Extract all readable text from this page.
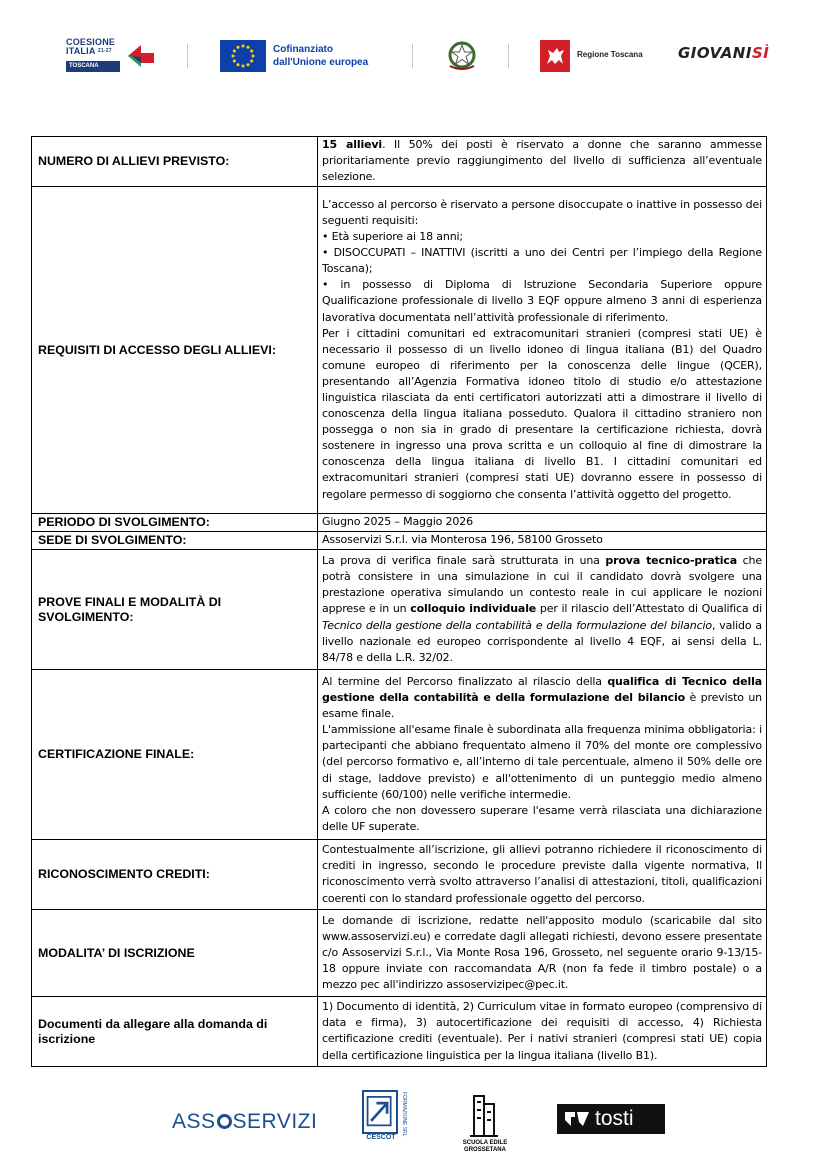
COESIONE
ITALIA $^{21-27}$
TOSCANA
Cofinanziato
dall'Unione europea
Regione Toscana GIOVANISÌ
NUMERO DI ALLIEVI PREVISTO:	15 allievi. Il 50% dei posti è riservato a donne che saranno ammesse prioritariamente previo raggiungimento del livello di sufficienza all’eventuale selezione.

REQUISITI DI ACCESSO DEGLI ALLIEVI:	L’accesso al percorso è riservato a persone disoccupate o inattive in possesso dei seguenti requisiti:

• Età superiore ai 18 anni;

• DISOCCUPATI – INATTIVI (iscritti a uno dei Centri per l’impiego della Regione Toscana);

• in possesso di Diploma di Istruzione Secondaria Superiore oppure Qualificazione professionale di livello 3 EQF oppure almeno 3 anni di esperienza lavorativa documentata nell’attività professionale di riferimento.

Per i cittadini comunitari ed extracomunitari stranieri (compresi stati UE) è necessario il possesso di un livello idoneo di lingua italiana (B1) del Quadro comune europeo di riferimento per la conoscenza delle lingue (QCER), presentando all’Agenzia Formativa idoneo titolo di studio e/o attestazione linguistica rilasciata da enti certificatori autorizzati atti a dimostrare il livello di conoscenza della lingua italiana posseduto. Qualora il cittadino straniero non possegga o non sia in grado di presentare la certificazione richiesta, dovrà sostenere in ingresso una prova scritta e un colloquio al fine di dimostrare la conoscenza della lingua italiana di livello B1. I cittadini comunitari ed extracomunitari stranieri (compresi stati UE) dovranno essere in possesso di regolare permesso di soggiorno che consenta l’attività oggetto del progetto.

PERIODO DI SVOLGIMENTO:	Giugno 2025 – Maggio 2026
SEDE DI SVOLGIMENTO:	Assoservizi S.r.l. via Monterosa 196, 58100 Grosseto
PROVE FINALI E MODALITÀ DI SVOLGIMENTO:	La prova di verifica finale sarà strutturata in una prova tecnico-pratica che potrà consistere in una simulazione in cui il candidato dovrà svolgere una prestazione operativa simulando un contesto reale in cui applicare le nozioni apprese e in un colloquio individuale per il rilascio dell’Attestato di Qualifica di Tecnico della gestione della contabilità e della formulazione del bilancio, valido a livello nazionale ed europeo corrispondente al livello 4 EQF, ai sensi della L. 84/78 e della L.R. 32/02.

CERTIFICAZIONE FINALE:	Al termine del Percorso finalizzato al rilascio della qualifica di Tecnico della gestione della contabilità e della formulazione del bilancio è previsto un esame finale.

L'ammissione all'esame finale è subordinata alla frequenza minima obbligatoria: i partecipanti che abbiano frequentato almeno il 70% del monte ore complessivo (del percorso formativo e, all’interno di tale percentuale, almeno il 50% delle ore di stage, laddove previsto) e all'ottenimento di un punteggio medio almeno sufficiente (60/100) nelle verifiche intermedie.

A coloro che non dovessero superare l'esame verrà rilasciata una dichiarazione delle UF superate.

RICONOSCIMENTO CREDITI:	Contestualmente all’iscrizione, gli allievi potranno richiedere il riconoscimento di crediti in ingresso, secondo le procedure previste dalla vigente normativa, Il riconoscimento verrà svolto attraverso l’analisi di attestazioni, titoli, qualificazioni coerenti con lo standard professionale oggetto del percorso.
MODALITA’ DI ISCRIZIONE	Le domande di iscrizione, redatte nell'apposito modulo (scaricabile dal sito www.assoservizi.eu) e corredate dagli allegati richiesti, devono essere presentate c/o Assoservizi S.r.l., Via Monte Rosa 196, Grosseto, nel seguente orario 9-13/15-18 oppure inviate con raccomandata A/R (non fa fede il timbro postale) o a mezzo pec all'indirizzo assoservizipec@pec.it.
Documenti da allegare alla domanda di iscrizione	1) Documento di identità, 2) Curriculum vitae in formato europeo (comprensivo di data e firma), 3) autocertificazione dei requisiti di accesso, 4) Richiesta certificazione crediti (eventuale). Per i nativi stranieri (compresi stati UE) copia della certificazione linguistica per la lingua italiana (livello B1).
ASS SERVIZI
CESCOT
FORMAZIONE SRL
SCUOLA EDILE
GROSSETANA
tosti
